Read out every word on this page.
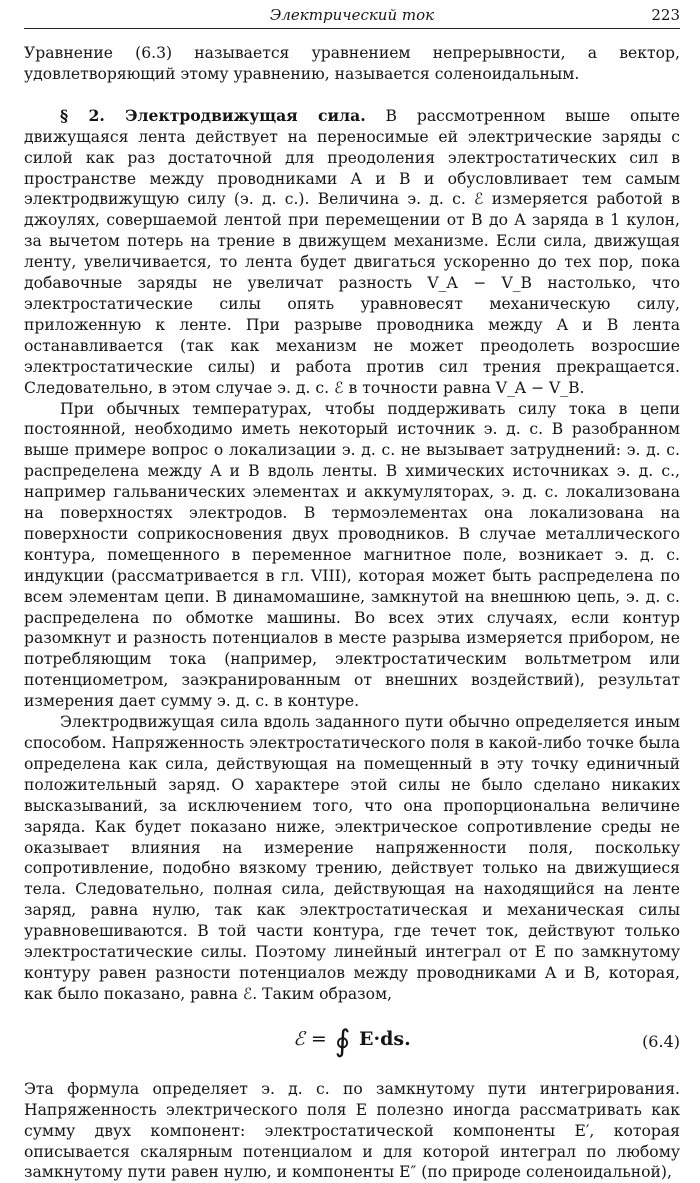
Электрический ток	223

Уравнение (6.3) называется уравнением непрерывности, а вектор, удовлетворяющий этому уравнению, называется соленоидальным.

§ 2. Электродвижущая сила. В рассмотренном выше опыте движущаяся лента действует на переносимые ей электрические заряды с силой как раз достаточной для преодоления электростатических сил в пространстве между проводниками A и B и обусловливает тем самым электродвижущую силу (э. д. с.). Величина э. д. с. ℰ измеряется работой в джоулях, совершаемой лентой при перемещении от B до A заряда в 1 кулон, за вычетом потерь на трение в движущем механизме. Если сила, движущая ленту, увеличивается, то лента будет двигаться ускоренно до тех пор, пока добавочные заряды не увеличат разность V_A − V_B настолько, что электростатические силы опять уравновесят механическую силу, приложенную к ленте. При разрыве проводника между A и B лента останавливается (так как механизм не может преодолеть возросшие электростатические силы) и работа против сил трения прекращается. Следовательно, в этом случае э. д. с. ℰ в точности равна V_A − V_B.

При обычных температурах, чтобы поддерживать силу тока в цепи постоянной, необходимо иметь некоторый источник э. д. с. В разобранном выше примере вопрос о локализации э. д. с. не вызывает затруднений: э. д. с. распределена между A и B вдоль ленты. В химических источниках э. д. с., например гальванических элементах и аккумуляторах, э. д. с. локализована на поверхностях электродов. В термоэлементах она локализована на поверхности соприкосновения двух проводников. В случае металлического контура, помещенного в переменное магнитное поле, возникает э. д. с. индукции (рассматривается в гл. VIII), которая может быть распределена по всем элементам цепи. В динамомашине, замкнутой на внешнюю цепь, э. д. с. распределена по обмотке машины. Во всех этих случаях, если контур разомкнут и разность потенциалов в месте разрыва измеряется прибором, не потребляющим тока (например, электростатическим вольтметром или потенциометром, заэкранированным от внешних воздействий), результат измерения дает сумму э. д. с. в контуре.

Электродвижущая сила вдоль заданного пути обычно определяется иным способом. Напряженность электростатического поля в какой-либо точке была определена как сила, действующая на помещенный в эту точку единичный положительный заряд. О характере этой силы не было сделано никаких высказываний, за исключением того, что она пропорциональна величине заряда. Как будет показано ниже, электрическое сопротивление среды не оказывает влияния на измерение напряженности поля, поскольку сопротивление, подобно вязкому трению, действует только на движущиеся тела. Следовательно, полная сила, действующая на находящийся на ленте заряд, равна нулю, так как электростатическая и механическая силы уравновешиваются. В той части контура, где течет ток, действуют только электростатические силы. Поэтому линейный интеграл от E по замкнутому контуру равен разности потенциалов между проводниками A и B, которая, как было показано, равна ℰ. Таким образом,

ℰ = ∮ E·ds.	(6.4)

Эта формула определяет э. д. с. по замкнутому пути интегрирования. Напряженность электрического поля E полезно иногда рассматривать как сумму двух компонент: электростатической компоненты E′, которая описывается скалярным потенциалом и для которой интеграл по любому замкнутому пути равен нулю, и компоненты E″ (по природе соленоидальной),
